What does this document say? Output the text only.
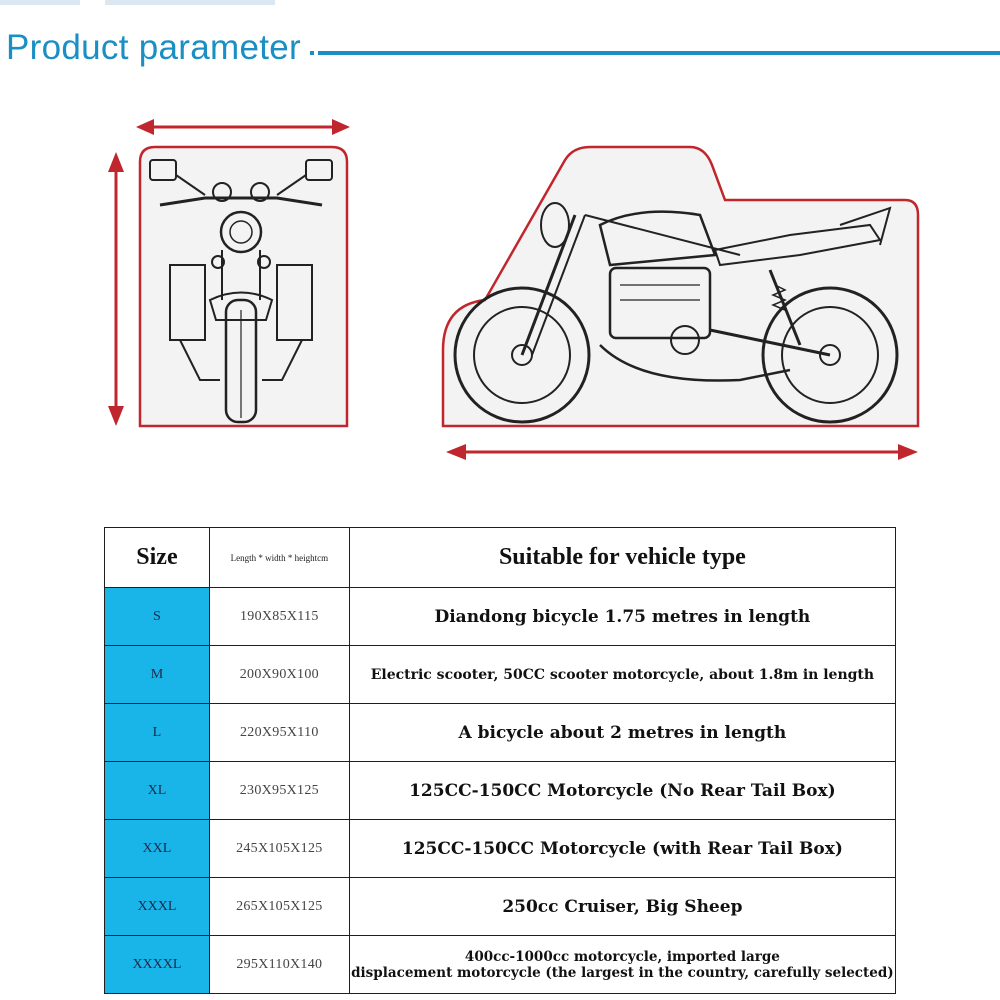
Product parameter
Size	Length * width * heightcm	Suitable for vehicle type
S	190X85X115	Diandong bicycle 1.75 metres in length
M	200X90X100	Electric scooter, 50CC scooter motorcycle, about 1.8m in length
L	220X95X110	A bicycle about 2 metres in length
XL	230X95X125	125CC-150CC Motorcycle (No Rear Tail Box)
XXL	245X105X125	125CC-150CC Motorcycle (with Rear Tail Box)
XXXL	265X105X125	250cc Cruiser, Big Sheep
XXXXL	295X110X140	400cc-1000cc motorcycle, imported large
displacement motorcycle (the largest in the country, carefully selected)
